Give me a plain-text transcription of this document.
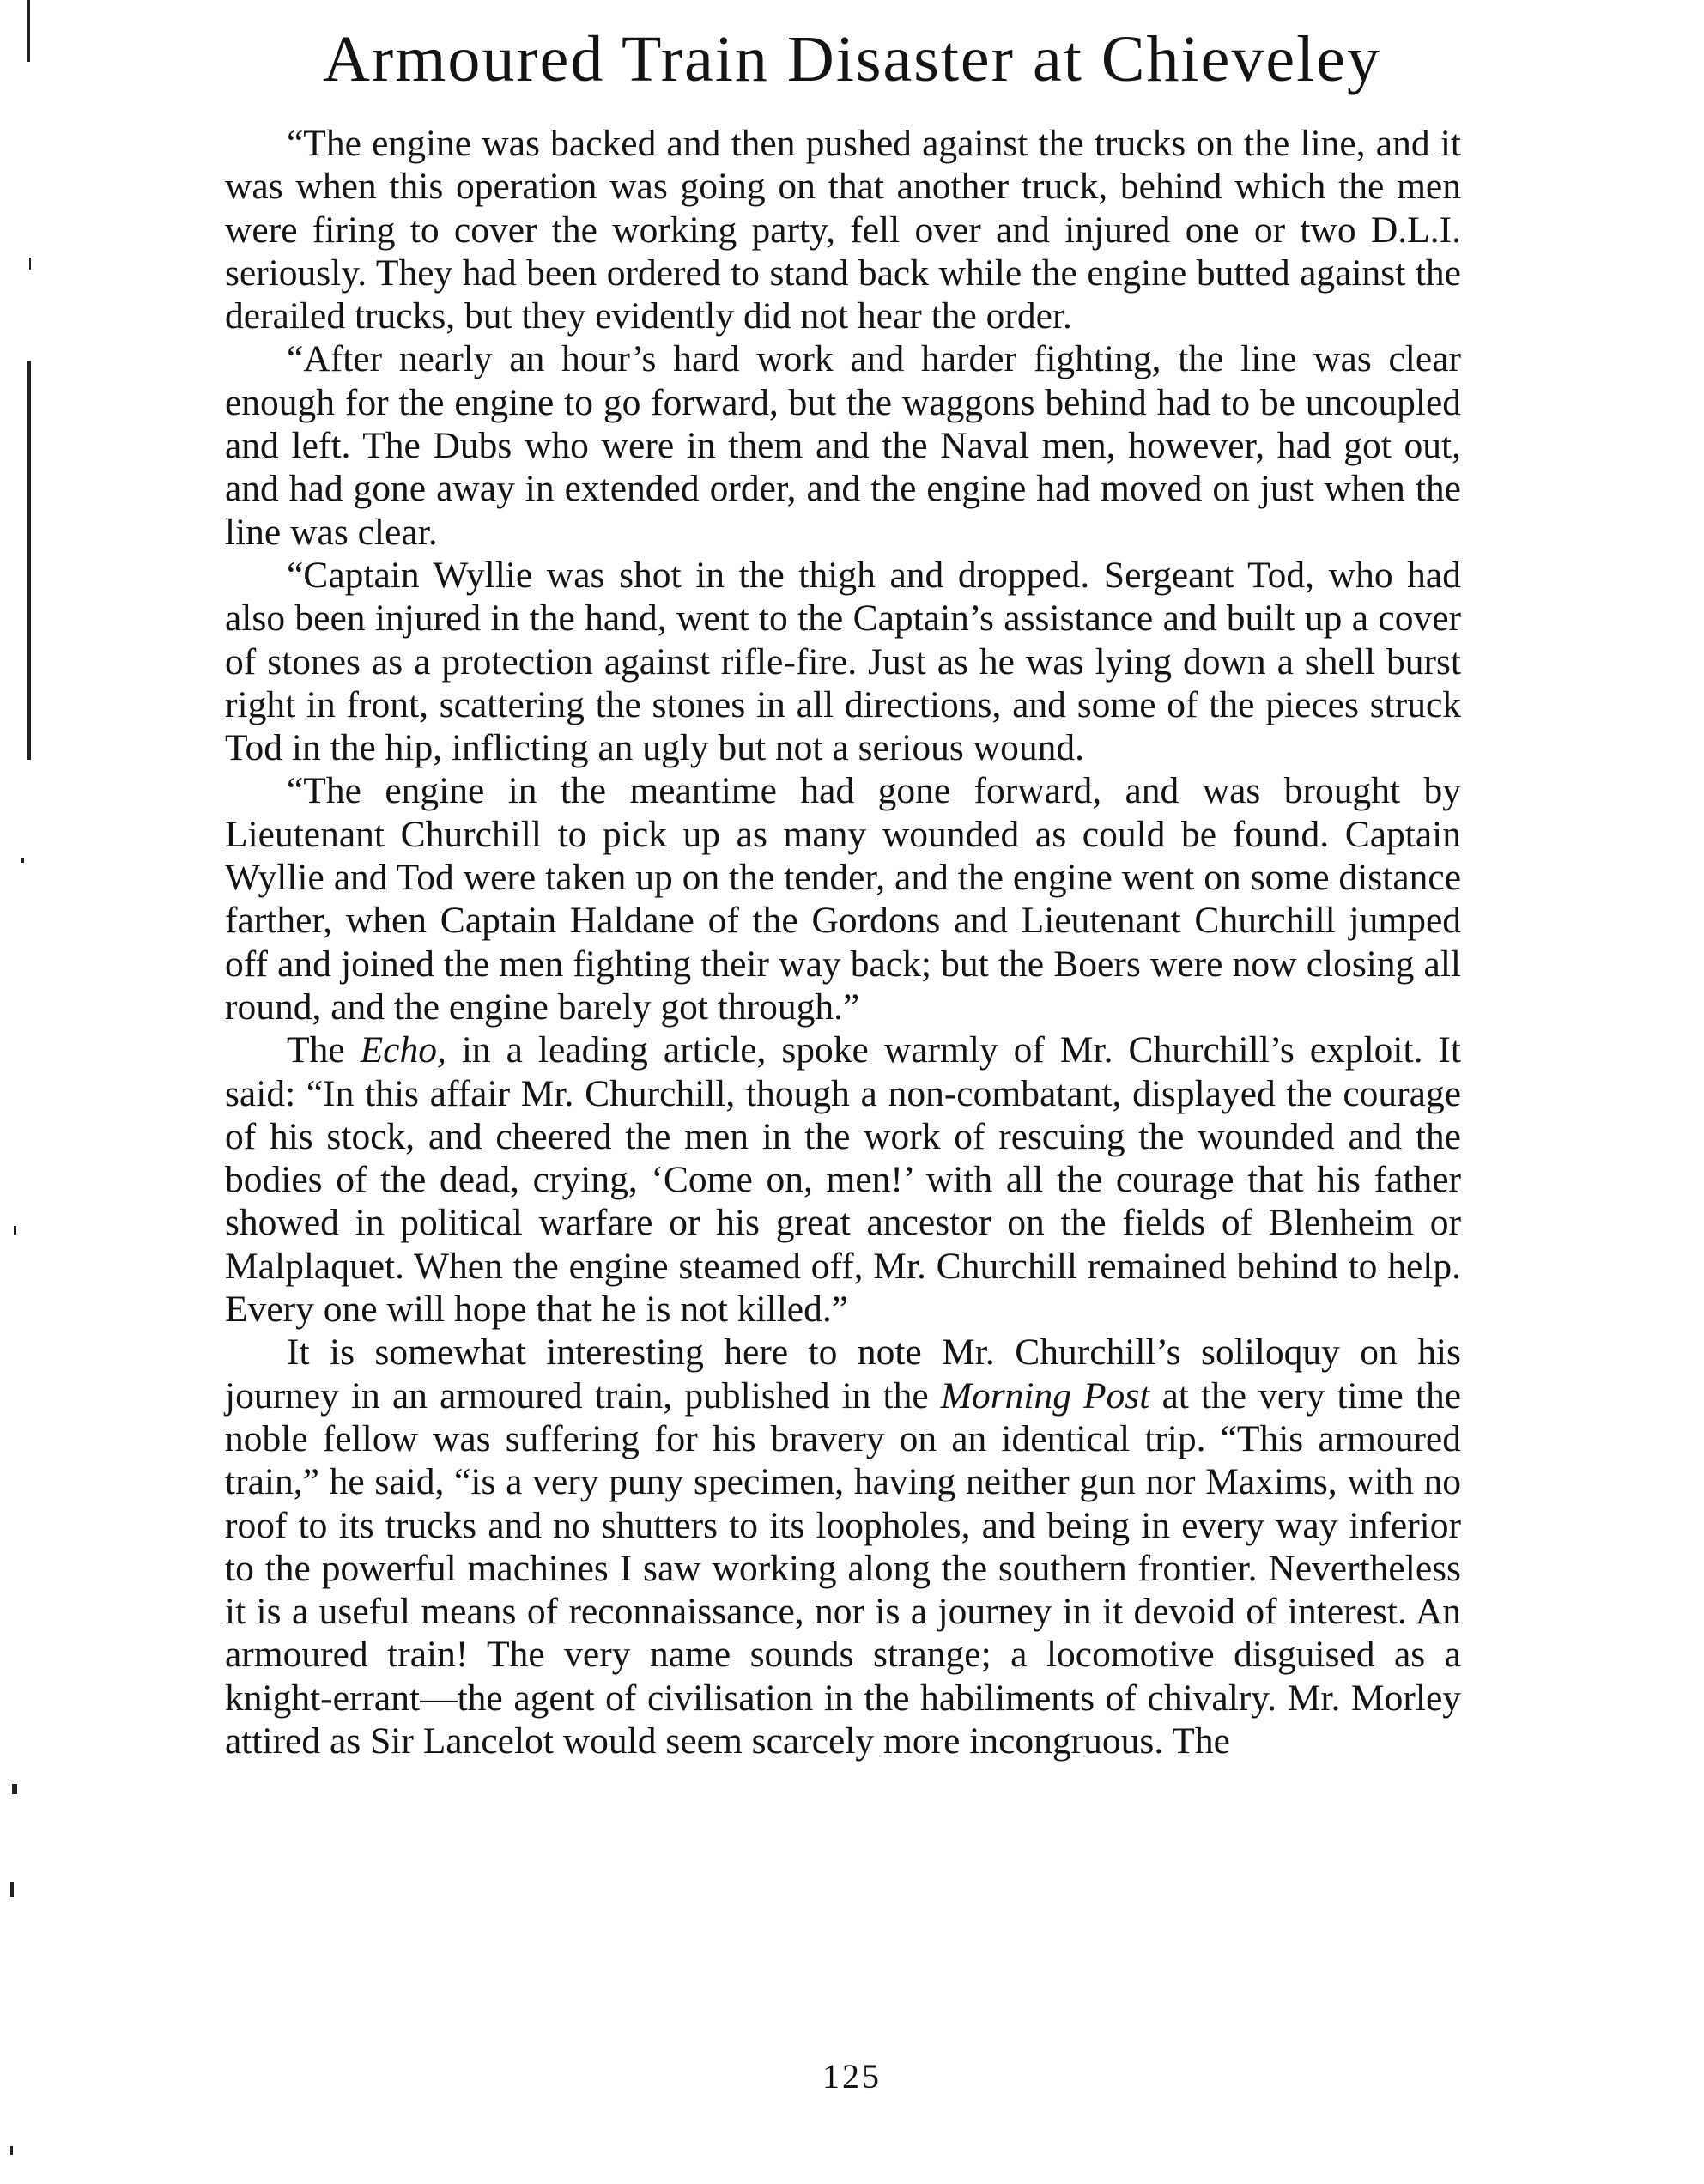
Armoured Train Disaster at Chieveley

“The engine was backed and then pushed against the trucks on the line, and it was when this operation was going on that another truck, behind which the men were firing to cover the working party, fell over and injured one or two D.L.I. seriously. They had been ordered to stand back while the engine butted against the derailed trucks, but they evidently did not hear the order.

“After nearly an hour’s hard work and harder fighting, the line was clear enough for the engine to go forward, but the waggons behind had to be uncoupled and left. The Dubs who were in them and the Naval men, however, had got out, and had gone away in extended order, and the engine had moved on just when the line was clear.

“Captain Wyllie was shot in the thigh and dropped. Sergeant Tod, who had also been injured in the hand, went to the Captain’s assistance and built up a cover of stones as a protection against rifle-fire. Just as he was lying down a shell burst right in front, scattering the stones in all directions, and some of the pieces struck Tod in the hip, inflicting an ugly but not a serious wound.

“The engine in the meantime had gone forward, and was brought by Lieutenant Churchill to pick up as many wounded as could be found. Captain Wyllie and Tod were taken up on the tender, and the engine went on some distance farther, when Captain Haldane of the Gordons and Lieutenant Churchill jumped off and joined the men fighting their way back; but the Boers were now closing all round, and the engine barely got through.”

The Echo, in a leading article, spoke warmly of Mr. Churchill’s exploit. It said: “In this affair Mr. Churchill, though a non-combatant, displayed the courage of his stock, and cheered the men in the work of rescuing the wounded and the bodies of the dead, crying, ‘Come on, men!’ with all the courage that his father showed in political warfare or his great ancestor on the fields of Blenheim or Malplaquet. When the engine steamed off, Mr. Churchill remained behind to help. Every one will hope that he is not killed.”

It is somewhat interesting here to note Mr. Churchill’s soliloquy on his journey in an armoured train, published in the Morning Post at the very time the noble fellow was suffering for his bravery on an identical trip. “This armoured train,” he said, “is a very puny specimen, having neither gun nor Maxims, with no roof to its trucks and no shutters to its loopholes, and being in every way inferior to the powerful machines I saw working along the southern frontier. Nevertheless it is a useful means of reconnaissance, nor is a journey in it devoid of interest. An armoured train! The very name sounds strange; a locomotive disguised as a knight-errant—the agent of civilisation in the habiliments of chivalry. Mr. Morley attired as Sir Lancelot would seem scarcely more incongruous. The

125
